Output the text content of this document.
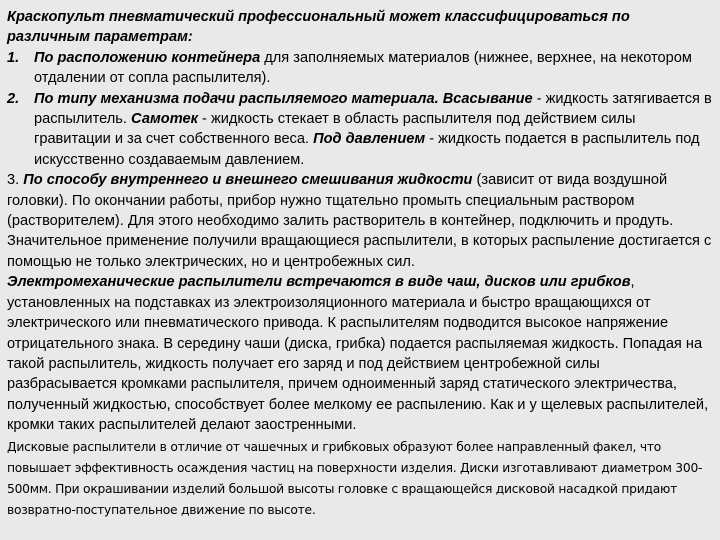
Краскопульт пневматический профессиональный может классифицироваться по различным параметрам:
1. По расположению контейнера для заполняемых материалов (нижнее, верхнее, на некотором отдалении от сопла распылителя).
2. По типу механизма подачи распыляемого материала. Всасывание - жидкость затягивается в распылитель. Самотек - жидкость стекает в область распылителя под действием силы гравитации и за счет собственного веса. Под давлением - жидкость подается в распылитель под искусственно создаваемым давлением.
3. По способу внутреннего и внешнего смешивания жидкости (зависит от вида воздушной головки). По окончании работы, прибор нужно тщательно промыть специальным раствором (растворителем). Для этого необходимо залить растворитель в контейнер, подключить и продуть.
Значительное применение получили вращающиеся распылители, в которых распыление достигается с помощью не только электрических, но и центробежных сил.
Электромеханические распылители встречаются в виде чаш, дисков или грибков, установленных на подставках из электроизоляционного материала и быстро вращающихся от электрического или пневматического привода. К распылителям подводится высокое напряжение отрицательного знака. В середину чаши (диска, грибка) подается распыляемая жидкость. Попадая на такой распылитель, жидкость получает его заряд и под действием центробежной силы разбрасывается кромками распылителя, причем одноименный заряд статического электричества, полученный жидкостью, способствует более мелкому ее распылению. Как и у щелевых распылителей, кромки таких распылителей делают заостренными.
Дисковые распылители в отличие от чашечных и грибковых образуют более направленный факел, что повышает эффективность осаждения частиц на поверхности изделия. Диски изготавливают диаметром 300-500мм. При окрашивании изделий большой высоты головке с вращающейся дисковой насадкой придают возвратно-поступательное движение по высоте.
